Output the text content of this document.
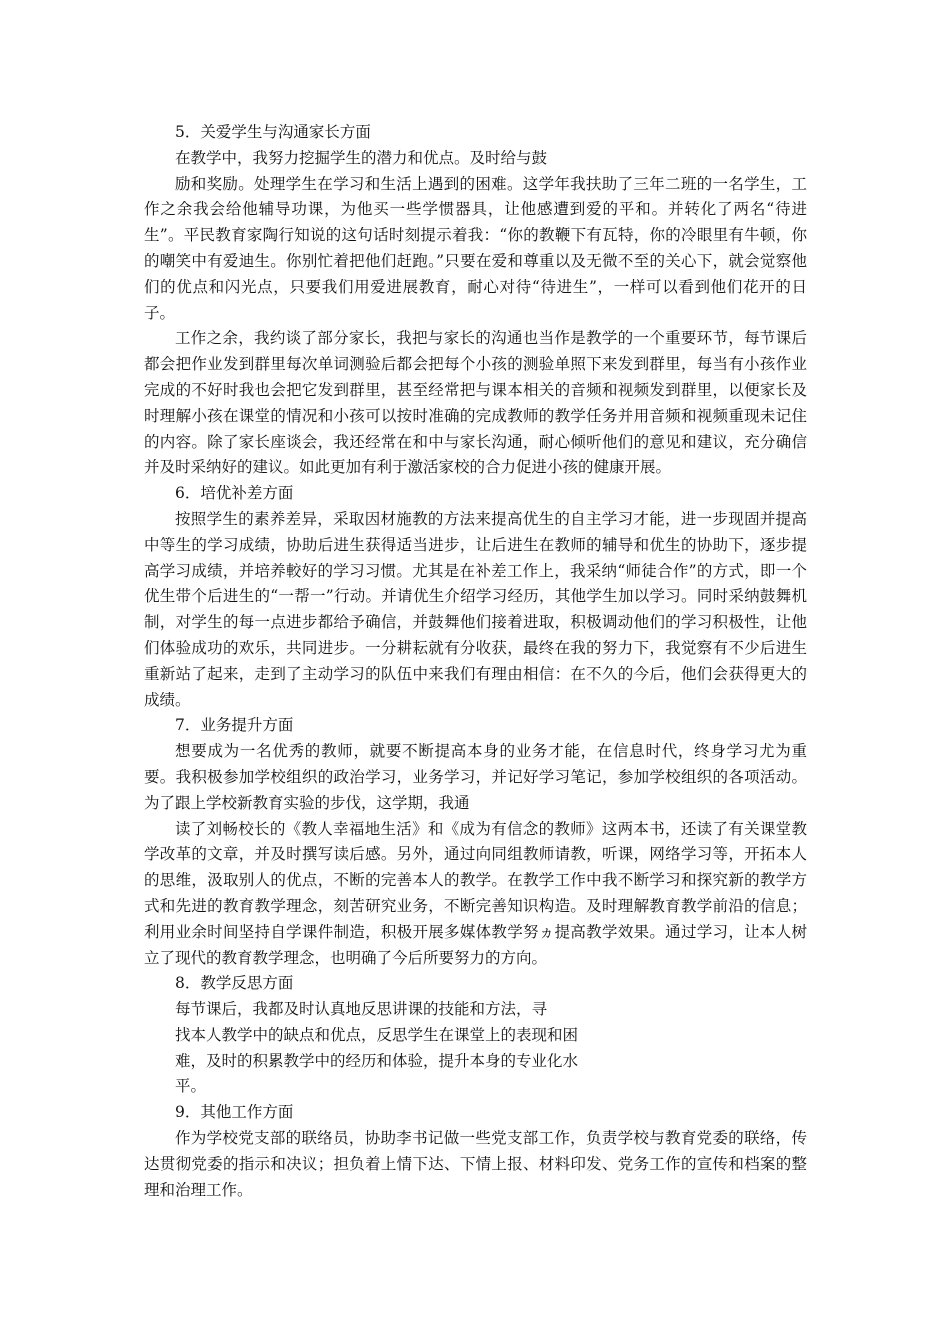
5．关爱学生与沟通家长方面

在教学中，我努力挖掘学生的潜力和优点。及时给与鼓

励和奖励。处理学生在学习和生活上遇到的困难。这学年我扶助了三年二班的一名学生，工作之余我会给他辅导功课，为他买一些学惯器具，让他感遭到爱的平和。并转化了两名“待进生”。平民教育家陶行知说的这句话时刻提示着我：“你的教鞭下有瓦特，你的冷眼里有牛顿，你的嘲笑中有爱迪生。你别忙着把他们赶跑。”只要在爱和尊重以及无微不至的关心下，就会觉察他们的优点和闪光点，只要我们用爱进展教育，耐心对待“待进生”，一样可以看到他们花开的日子。

工作之余，我约谈了部分家长，我把与家长的沟通也当作是教学的一个重要环节，每节课后都会把作业发到群里每次单词测验后都会把每个小孩的测验单照下来发到群里，每当有小孩作业完成的不好时我也会把它发到群里，甚至经常把与课本相关的音频和视频发到群里，以便家长及时理解小孩在课堂的情况和小孩可以按时准确的完成教师的教学任务并用音频和视频重现未记住的内容。除了家长座谈会，我还经常在和中与家长沟通，耐心倾听他们的意见和建议，充分确信并及时采纳好的建议。如此更加有利于激活家校的合力促进小孩的健康开展。

6．培优补差方面

按照学生的素养差异，采取因材施教的方法来提高优生的自主学习才能，进一步现固并提高中等生的学习成绩，协助后进生获得适当进步，让后进生在教师的辅导和优生的协助下，逐步提高学习成绩，并培养較好的学习习惯。尤其是在补差工作上，我采纳“师徒合作”的方式，即一个优生带个后进生的“一帮一”行动。并请优生介绍学习经历，其他学生加以学习。同时采纳鼓舞机制，对学生的每一点进步都给予确信，并鼓舞他们接着进取，积极调动他们的学习积极性，让他们体验成功的欢乐，共同进步。一分耕耘就有分收获，最终在我的努力下，我觉察有不少后进生重新站了起来，走到了主动学习的队伍中来我们有理由相信：在不久的今后，他们会获得更大的成绩。

7．业务提升方面

想要成为一名优秀的教师，就要不断提高本身的业务才能，在信息时代，终身学习尤为重要。我积极参加学校组织的政治学习，业务学习，并记好学习笔记，参加学校组织的各项活动。为了跟上学校新教育实验的步伐，这学期，我通

读了刘畅校长的《教人幸福地生活》和《成为有信念的教师》这两本书，还读了有关课堂教学改革的文章，并及时撰写读后感。另外，通过向同组教师请教，听课，网络学习等，开拓本人的思维，汲取别人的优点，不断的完善本人的教学。在教学工作中我不断学习和探究新的教学方式和先进的教育教学理念，刻苦研究业务，不断完善知识构造。及时理解教育教学前沿的信息；利用业余时间坚持自学课件制造，积极开展多媒体教学努ヵ提高教学效果。通过学习，让本人树立了现代的教育教学理念，也明确了今后所要努力的方向。

8．教学反思方面

每节课后，我都及时认真地反思讲课的技能和方法，寻

找本人教学中的缺点和优点，反思学生在课堂上的表现和困

难，及时的积累教学中的经历和体验，提升本身的专业化水

平。

9．其他工作方面

作为学校党支部的联络员，协助李书记做一些党支部工作，负责学校与教育党委的联络，传达贯彻党委的指示和决议；担负着上情下达、下情上报、材料印发、党务工作的宣传和档案的整理和治理工作。
